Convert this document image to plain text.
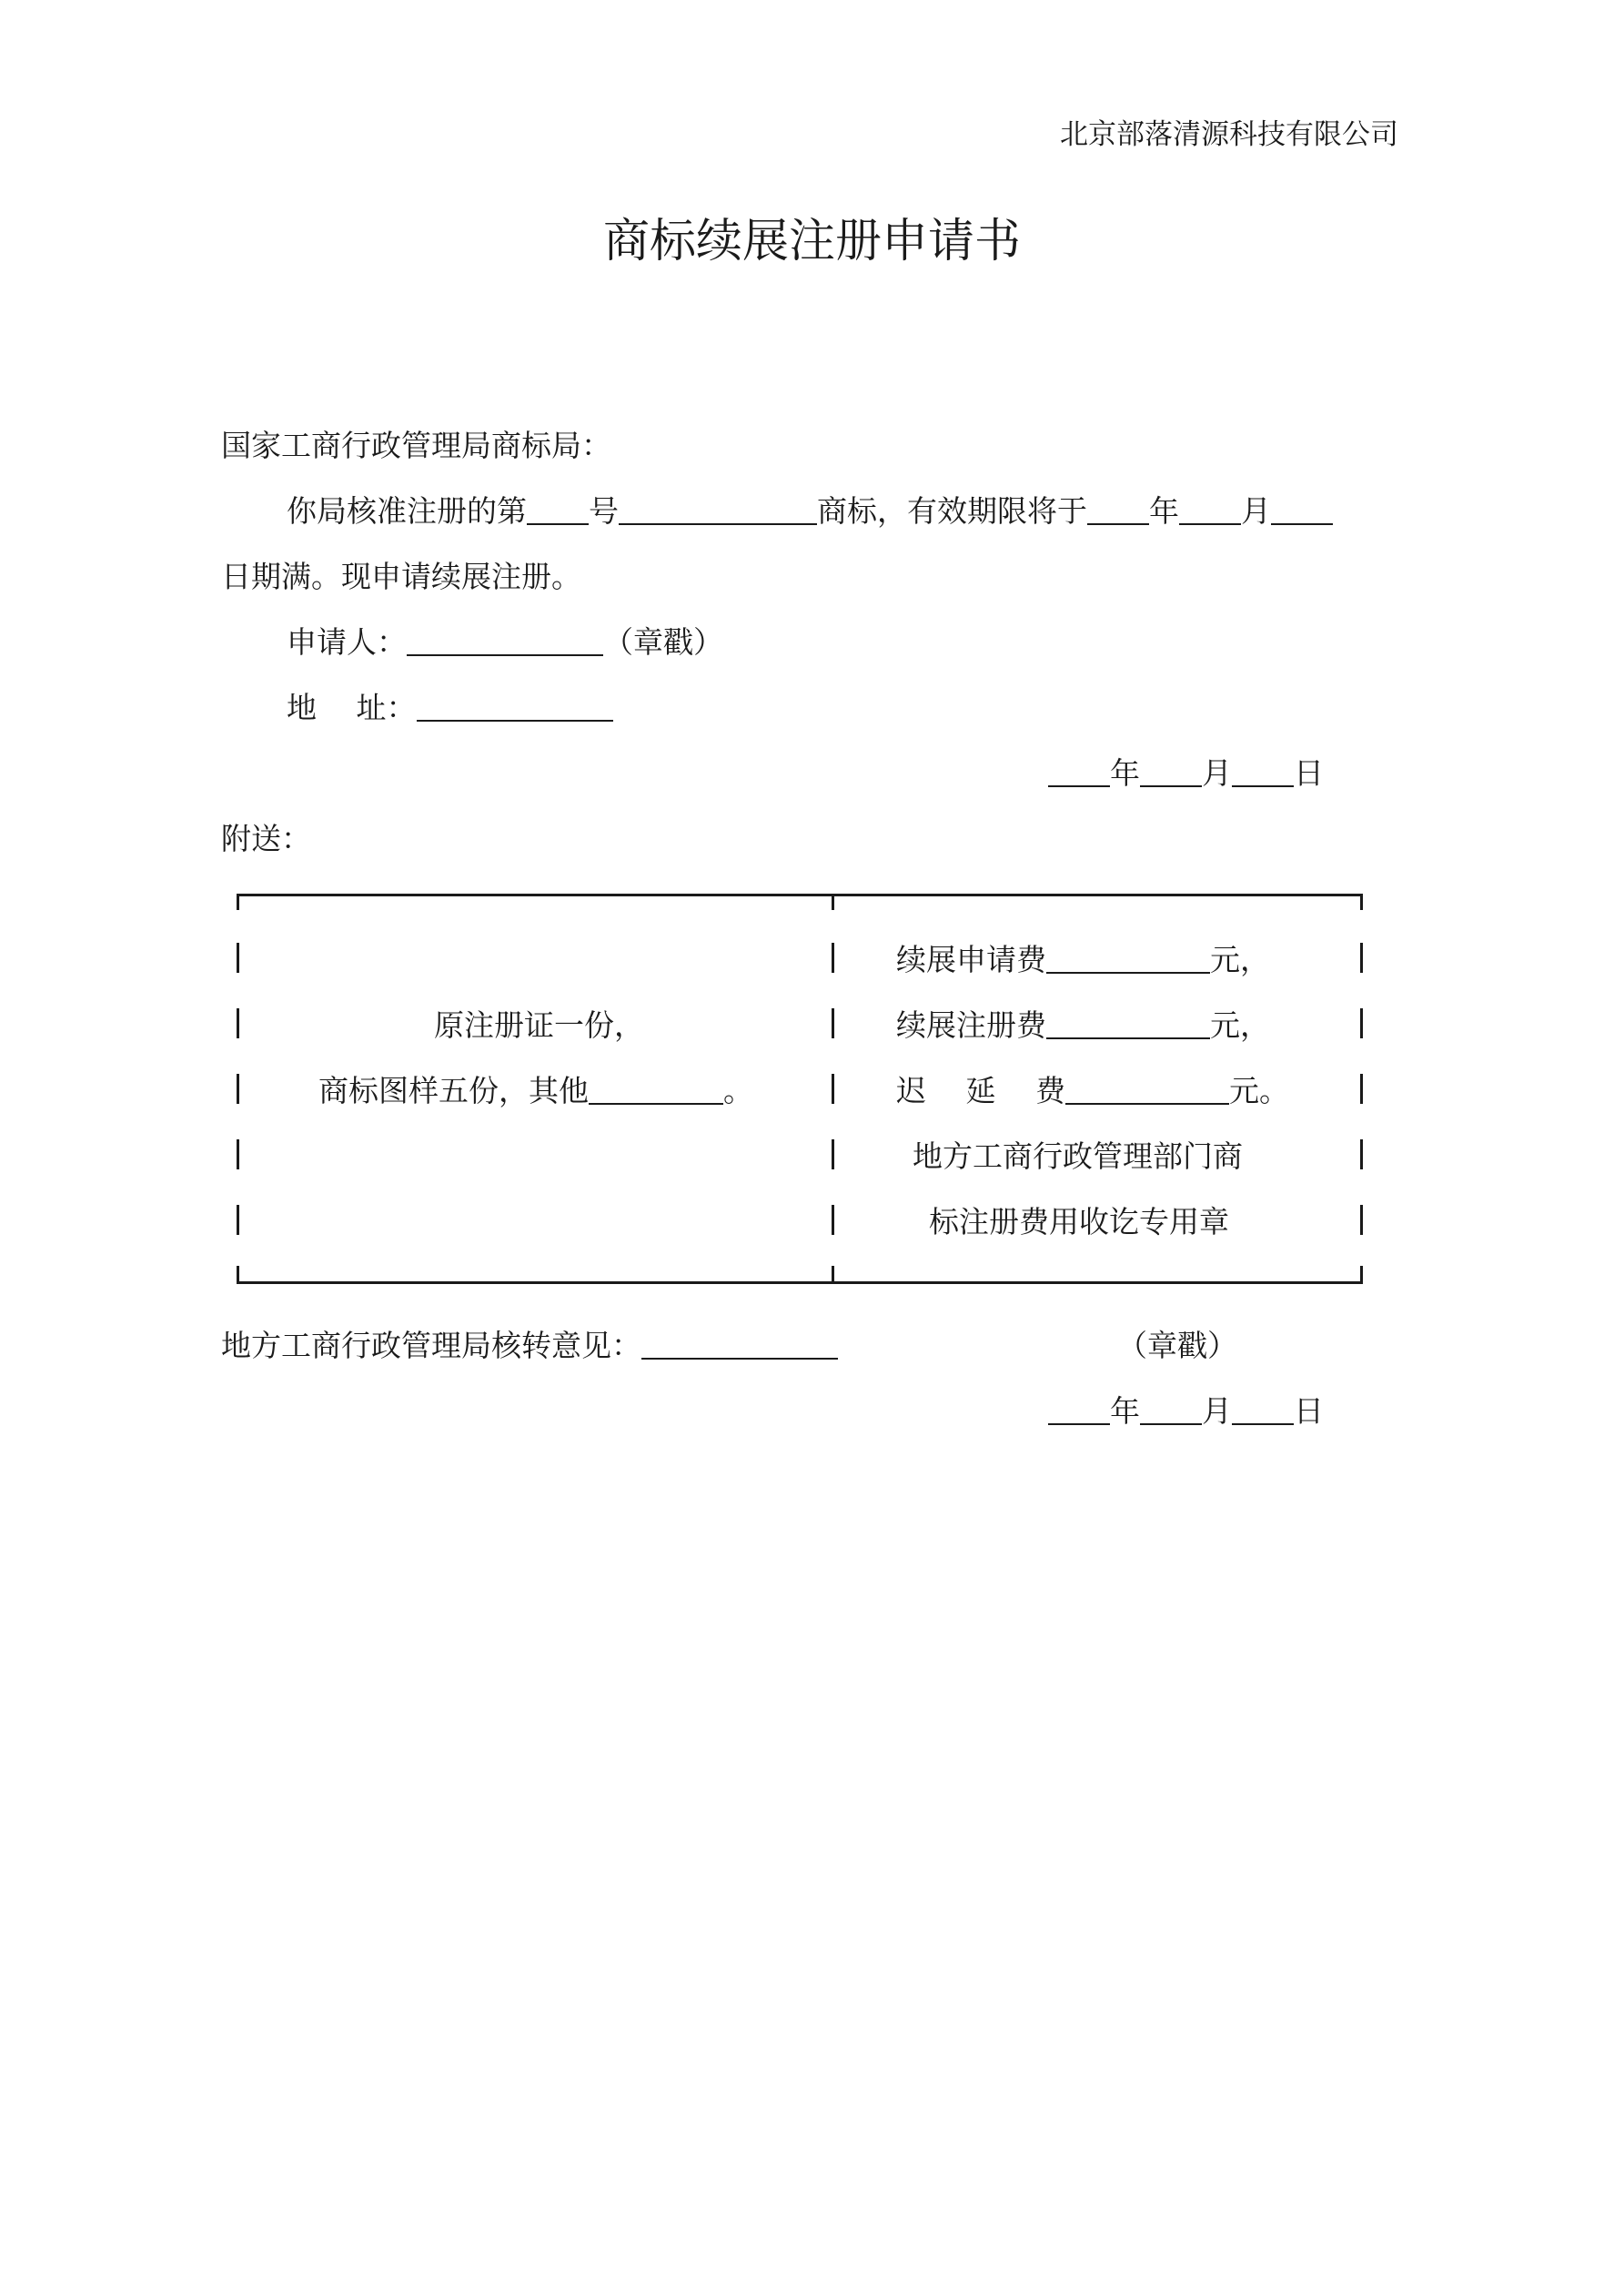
北京部落清源科技有限公司
商标续展注册申请书
国家工商行政管理局商标局：
你局核准注册的第 号	商标，有效期限将于 年 月
日期满。现申请续展注册。
申请人：	（章戳）
地　 址：
年 月 日
附送：
原注册证一份，
商标图样五份，其他	。
续展申请费	元，
续展注册费	元，
迟　 延　 费	元。
地方工商行政管理部门商
标注册费用收讫专用章
地方工商行政管理局核转意见：	（章戳）
年 月 日
